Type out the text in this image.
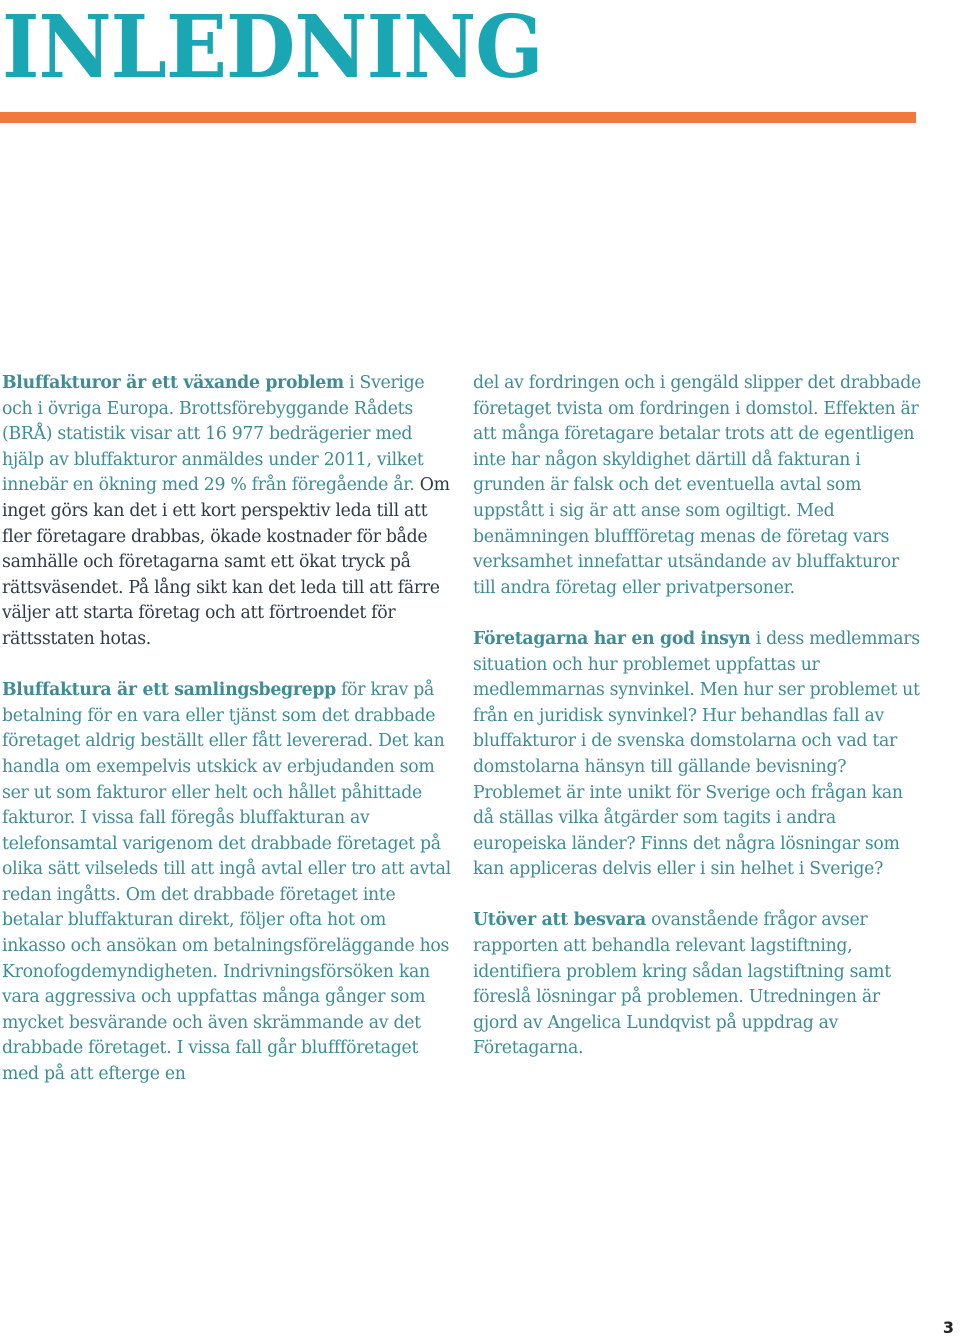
INLEDNING

Bluffakturor är ett växande problem i Sverige och i övriga Europa. Brottsförebyggande Rådets (BRÅ) statistik visar att 16 977 bedrägerier med hjälp av bluffakturor anmäldes under 2011, vilket innebär en ökning med 29 % från föregående år. Om inget görs kan det i ett kort perspektiv leda till att fler företagare drabbas, ökade kostnader för både samhälle och företagarna samt ett ökat tryck på rättsväsendet. På lång sikt kan det leda till att färre väljer att starta företag och att förtroendet för rättsstaten hotas.

Bluffaktura är ett samlingsbegrepp för krav på betalning för en vara eller tjänst som det drabbade företaget aldrig beställt eller fått levererad. Det kan handla om exempelvis utskick av erbjudanden som ser ut som fakturor eller helt och hållet påhittade fakturor. I vissa fall föregås bluffakturan av telefonsamtal varigenom det drabbade företaget på olika sätt vilseleds till att ingå avtal eller tro att avtal redan ingåtts. Om det drabbade företaget inte betalar bluffakturan direkt, följer ofta hot om inkasso och ansökan om betalningsföreläggande hos Kronofogdemyndigheten. Indrivningsförsöken kan vara aggressiva och uppfattas många gånger som mycket besvärande och även skrämmande av det drabbade företaget. I vissa fall går bluffföretaget med på att efterge en

del av fordringen och i gengäld slipper det drabbade företaget tvista om fordringen i domstol. Effekten är att många företagare betalar trots att de egentligen inte har någon skyldighet därtill då fakturan i grunden är falsk och det eventuella avtal som uppstått i sig är att anse som ogiltigt. Med benämningen bluffföretag menas de företag vars verksamhet innefattar utsändande av bluffakturor till andra företag eller privatpersoner.

Företagarna har en god insyn i dess medlemmars situation och hur problemet uppfattas ur medlemmarnas synvinkel. Men hur ser problemet ut från en juridisk synvinkel? Hur behandlas fall av bluffakturor i de svenska domstolarna och vad tar domstolarna hänsyn till gällande bevisning? Problemet är inte unikt för Sverige och frågan kan då ställas vilka åtgärder som tagits i andra europeiska länder? Finns det några lösningar som kan appliceras delvis eller i sin helhet i Sverige?

Utöver att besvara ovanstående frågor avser rapporten att behandla relevant lagstiftning, identifiera problem kring sådan lagstiftning samt föreslå lösningar på problemen. Utredningen är gjord av Angelica Lundqvist på uppdrag av Företagarna.

3
